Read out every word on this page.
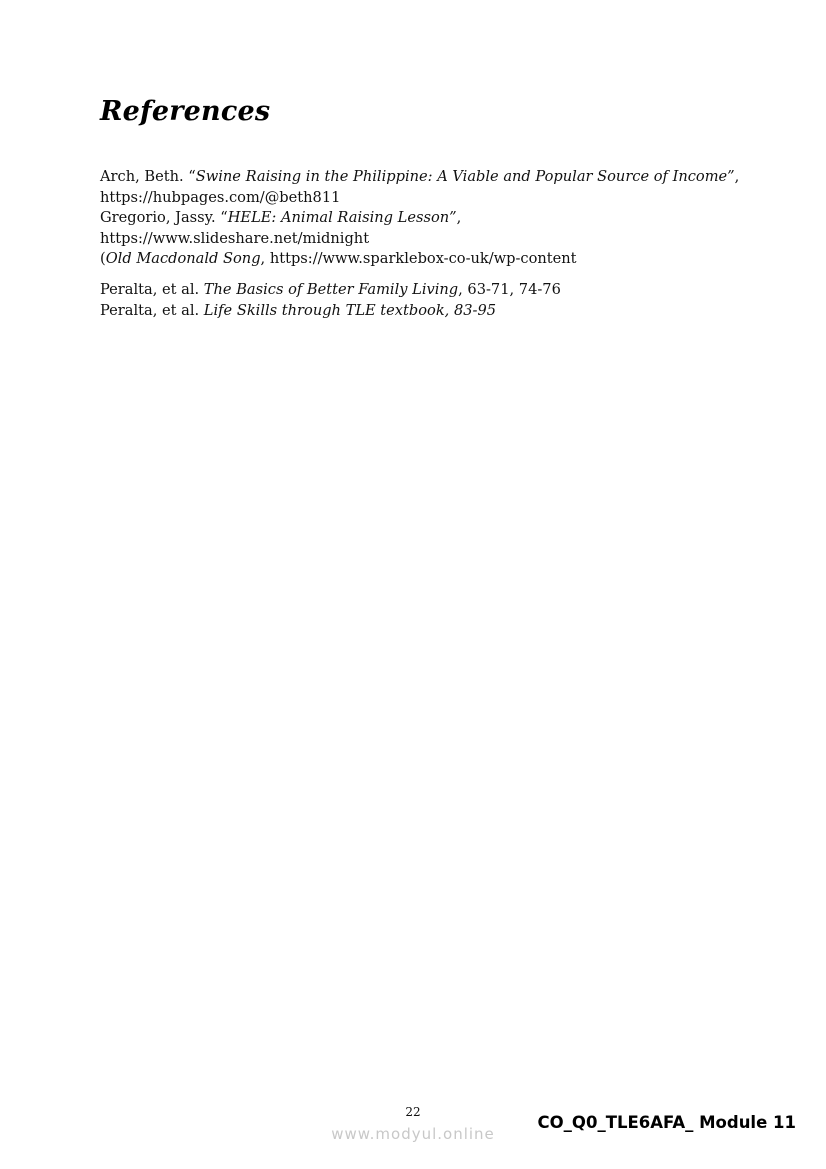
References
Arch, Beth. “Swine Raising in the Philippine: A Viable and Popular Source of Income”,
https://hubpages.com/@beth811
Gregorio, Jassy. “HELE: Animal Raising Lesson”,
https://www.slideshare.net/midnight
(Old Macdonald Song, https://www.sparklebox-co-uk/wp-content
Peralta, et al. The Basics of Better Family Living, 63-71, 74-76
Peralta, et al. Life Skills through TLE textbook, 83-95
22
www.modyul.online
CO_Q0_TLE6AFA_ Module 11
